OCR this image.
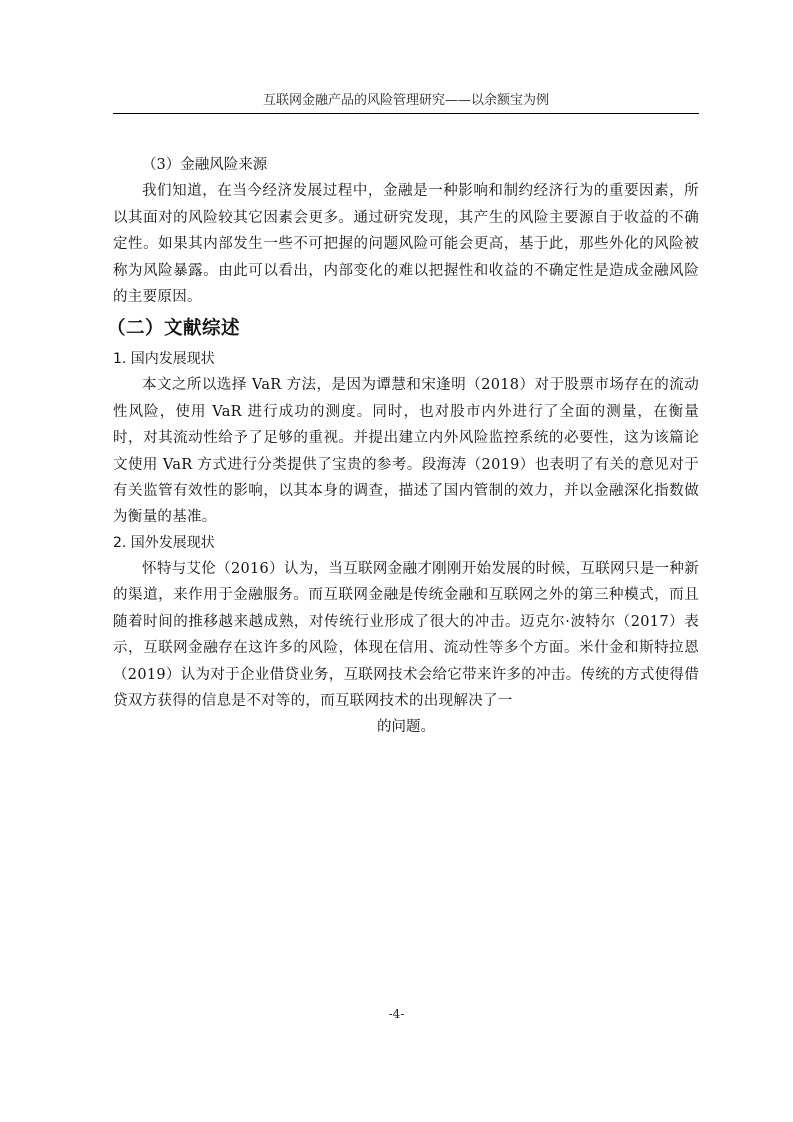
互联网金融产品的风险管理研究——以余额宝为例

（3）金融风险来源

我们知道，在当今经济发展过程中，金融是一种影响和制约经济行为的重要因素，所以其面对的风险较其它因素会更多。通过研究发现，其产生的风险主要源自于收益的不确定性。如果其内部发生一些不可把握的问题风险可能会更高，基于此，那些外化的风险被称为风险暴露。由此可以看出，内部变化的难以把握性和收益的不确定性是造成金融风险的主要原因。

（二）文献综述

1. 国内发展现状

本文之所以选择 VaR 方法，是因为谭慧和宋逢明（2018）对于股票市场存在的流动性风险，使用 VaR 进行成功的测度。同时，也对股市内外进行了全面的测量，在衡量时，对其流动性给予了足够的重视。并提出建立内外风险监控系统的必要性，这为该篇论文使用 VaR 方式进行分类提供了宝贵的参考。段海涛（2019）也表明了有关的意见对于有关监管有效性的影响，以其本身的调查，描述了国内管制的效力，并以金融深化指数做为衡量的基准。

2. 国外发展现状

怀特与艾伦（2016）认为，当互联网金融才刚刚开始发展的时候，互联网只是一种新的渠道，来作用于金融服务。而互联网金融是传统金融和互联网之外的第三种模式，而且随着时间的推移越来越成熟，对传统行业形成了很大的冲击。迈克尔·波特尔（2017）表示，互联网金融存在这许多的风险，体现在信用、流动性等多个方面。米什金和斯特拉恩（2019）认为对于企业借贷业务，互联网技术会给它带来许多的冲击。传统的方式使得借贷双方获得的信息是不对等的，而互联网技术的出现解决了一

的问题。

-4-
